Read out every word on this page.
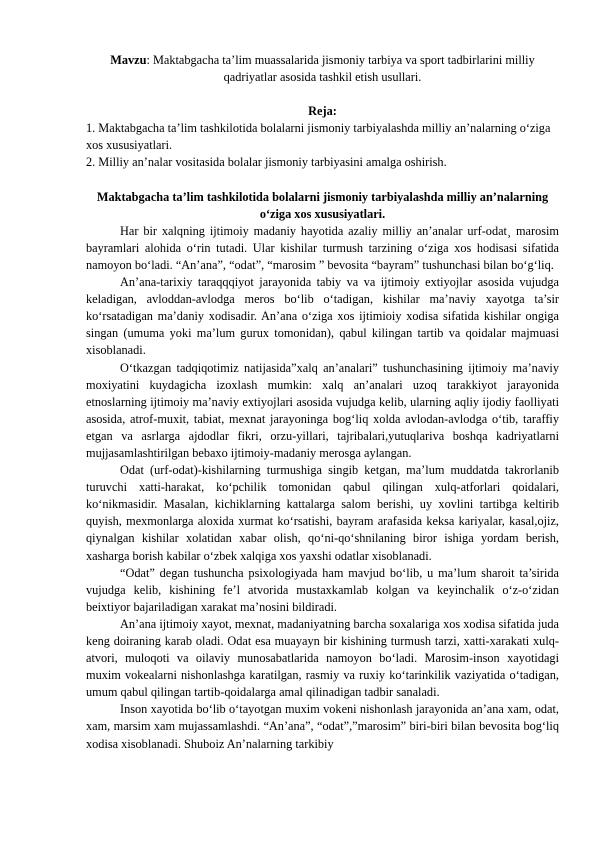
Mavzu: Maktabgacha ta’lim muassalarida jismoniy tarbiya va sport tadbirlarini milliy qadriyatlar asosida tashkil etish usullari.

Reja:

1. Maktabgacha ta’lim tashkilotida bolalarni jismoniy tarbiyalashda milliy an’nalarning o‘ziga xos xususiyatlari.

2. Milliy an’nalar vositasida bolalar jismoniy tarbiyasini amalga oshirish.

Maktabgacha ta’lim tashkilotida bolalarni jismoniy tarbiyalashda milliy an’nalarning o‘ziga xos xususiyatlari.

Har bir xalqning ijtimoiy madaniy hayotida azaliy milliy an’analar urf-odat¸ marosim bayramlari alohida o‘rin tutadi. Ular kishilar turmush tarzining o‘ziga xos hodisasi sifatida namoyon bo‘ladi. “An’ana”, “odat”, “marosim ” bevosita “bayram” tushunchasi bilan bo‘g‘liq.

An’ana-tarixiy taraqqqiyot jarayonida tabiy va va ijtimoiy extiyojlar asosida vujudga keladigan, avloddan-avlodga meros bo‘lib o‘tadigan, kishilar ma’naviy xayotga ta’sir ko‘rsatadigan ma’daniy xodisadir. An’ana o‘ziga xos ijtimioiy xodisa sifatida kishilar ongiga singan (umuma yoki ma’lum gurux tomonidan), qabul kilingan tartib va qoidalar majmuasi xisoblanadi.

O‘tkazgan tadqiqotimiz natijasida”xalq an’analari” tushunchasining ijtimoiy ma’naviy moxiyatini kuydagicha izoxlash mumkin: xalq an’analari uzoq tarakkiyot jarayonida etnoslarning ijtimoiy ma’naviy extiyojlari asosida vujudga kelib, ularning aqliy ijodiy faolliyati asosida, atrof-muxit, tabiat, mexnat jarayoninga bog‘liq xolda avlodan-avlodga o‘tib, taraffiy etgan va asrlarga ajdodlar fikri, orzu-yillari, tajribalari,yutuqlariva boshqa kadriyatlarni mujjasamlashtirilgan bebaxo ijtimoiy-madaniy merosga aylangan.

Odat (urf-odat)-kishilarning turmushiga singib ketgan, ma’lum muddatda takrorlanib turuvchi xatti-harakat, ko‘pchilik tomonidan qabul qilingan xulq-atforlari qoidalari, ko‘nikmasidir. Masalan, kichiklarning kattalarga salom berishi, uy xovlini tartibga keltirib quyish, mexmonlarga aloxida xurmat ko‘rsatishi, bayram arafasida keksa kariyalar, kasal,ojiz, qiynalgan kishilar xolatidan xabar olish, qo‘ni-qo‘shnilaning biror ishiga yordam berish, xasharga borish kabilar o‘zbek xalqiga xos yaxshi odatlar xisoblanadi.

“Odat” degan tushuncha psixologiyada ham mavjud bo‘lib, u ma’lum sharoit ta’sirida vujudga kelib, kishining fe’l atvorida mustaxkamlab kolgan va keyinchalik o‘z-o‘zidan beixtiyor bajariladigan xarakat ma’nosini bildiradi.

An’ana ijtimoiy xayot, mexnat, madaniyatning barcha soxalariga xos xodisa sifatida juda keng doiraning karab oladi. Odat esa muayayn bir kishining turmush tarzi, xatti-xarakati xulq-atvori, muloqoti va oilaviy munosabatlarida namoyon bo‘ladi. Marosim-inson xayotidagi muxim vokealarni nishonlashga karatilgan, rasmiy va ruxiy ko‘tarinkilik vaziyatida o‘tadigan, umum qabul qilingan tartib-qoidalarga amal qilinadigan tadbir sanaladi.

Inson xayotida bo‘lib o‘tayotgan muxim vokeni nishonlash jarayonida an’ana xam, odat, xam, marsim xam mujassamlashdi. “An’ana”, “odat”,”marosim” biri-biri bilan bevosita bog‘liq xodisa xisoblanadi. Shuboiz An’nalarning tarkibiy
